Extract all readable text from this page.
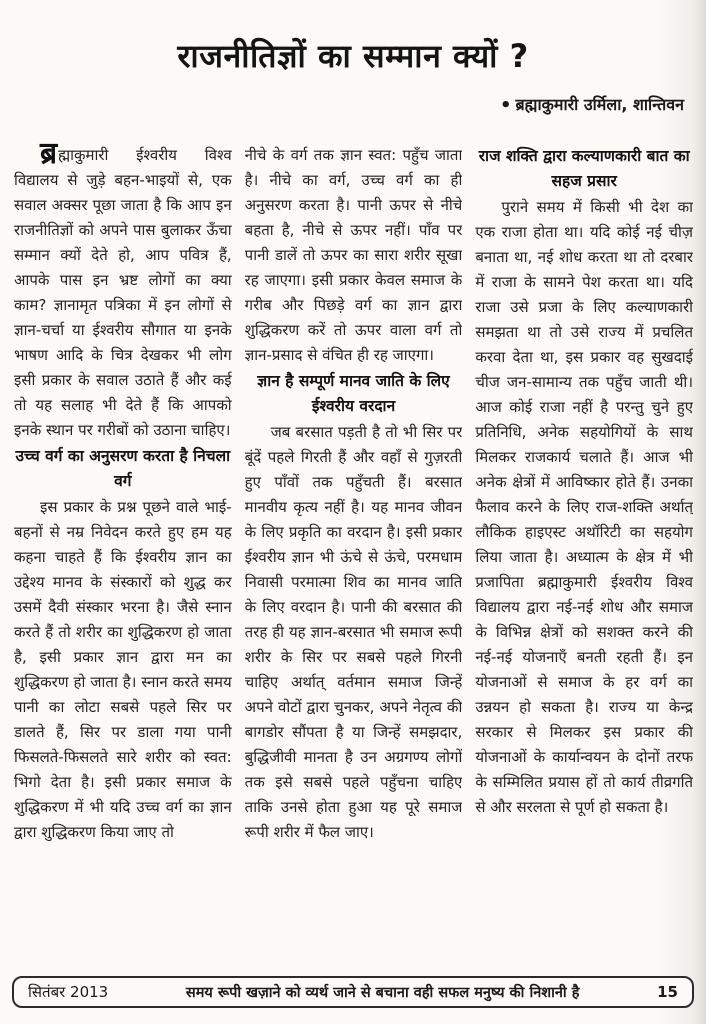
राजनीतिज्ञों का सम्मान क्यों ?
• ब्रह्माकुमारी उर्मिला, शान्तिवन

ब्रह्माकुमारी ईश्वरीय विश्व विद्यालय से जुड़े बहन-भाइयों से, एक सवाल अक्सर पूछा जाता है कि आप इन राजनीतिज्ञों को अपने पास बुलाकर ऊँचा सम्मान क्यों देते हो, आप पवित्र हैं, आपके पास इन भ्रष्ट लोगों का क्या काम? ज्ञानामृत पत्रिका में इन लोगों से ज्ञान-चर्चा या ईश्वरीय सौगात या इनके भाषण आदि के चित्र देखकर भी लोग इसी प्रकार के सवाल उठाते हैं और कई तो यह सलाह भी देते हैं कि आपको इनके स्थान पर गरीबों को उठाना चाहिए।

उच्च वर्ग का अनुसरण करता है निचला वर्ग

इस प्रकार के प्रश्न पूछने वाले भाई-बहनों से नम्र निवेदन करते हुए हम यह कहना चाहते हैं कि ईश्वरीय ज्ञान का उद्देश्य मानव के संस्कारों को शुद्ध कर उसमें दैवी संस्कार भरना है। जैसे स्नान करते हैं तो शरीर का शुद्धिकरण हो जाता है, इसी प्रकार ज्ञान द्वारा मन का शुद्धिकरण हो जाता है। स्नान करते समय पानी का लोटा सबसे पहले सिर पर डालते हैं, सिर पर डाला गया पानी फिसलते-फिसलते सारे शरीर को स्वत: भिगो देता है। इसी प्रकार समाज के शुद्धिकरण में भी यदि उच्च वर्ग का ज्ञान द्वारा शुद्धिकरण किया जाए तो

नीचे के वर्ग तक ज्ञान स्वत: पहुँच जाता है। नीचे का वर्ग, उच्च वर्ग का ही अनुसरण करता है। पानी ऊपर से नीचे बहता है, नीचे से ऊपर नहीं। पाँव पर पानी डालें तो ऊपर का सारा शरीर सूखा रह जाएगा। इसी प्रकार केवल समाज के गरीब और पिछड़े वर्ग का ज्ञान द्वारा शुद्धिकरण करें तो ऊपर वाला वर्ग तो ज्ञान-प्रसाद से वंचित ही रह जाएगा।

ज्ञान है सम्पूर्ण मानव जाति के लिए ईश्वरीय वरदान

जब बरसात पड़ती है तो भी सिर पर बूंदें पहले गिरती हैं और वहाँ से गुज़रती हुए पाँवों तक पहुँचती हैं। बरसात मानवीय कृत्य नहीं है। यह मानव जीवन के लिए प्रकृति का वरदान है। इसी प्रकार ईश्वरीय ज्ञान भी ऊंचे से ऊंचे, परमधाम निवासी परमात्मा शिव का मानव जाति के लिए वरदान है। पानी की बरसात की तरह ही यह ज्ञान-बरसात भी समाज रूपी शरीर के सिर पर सबसे पहले गिरनी चाहिए अर्थात् वर्तमान समाज जिन्हें अपने वोटों द्वारा चुनकर, अपने नेतृत्व की बागडोर सौंपता है या जिन्हें समझदार, बुद्धिजीवी मानता है उन अग्रगण्य लोगों तक इसे सबसे पहले पहुँचना चाहिए ताकि उनसे होता हुआ यह पूरे समाज रूपी शरीर में फैल जाए।

राज शक्ति द्वारा कल्याणकारी बात का सहज प्रसार

पुराने समय में किसी भी देश का एक राजा होता था। यदि कोई नई चीज़ बनाता था, नई शोध करता था तो दरबार में राजा के सामने पेश करता था। यदि राजा उसे प्रजा के लिए कल्याणकारी समझता था तो उसे राज्य में प्रचलित करवा देता था, इस प्रकार वह सुखदाई चीज जन-सामान्य तक पहुँच जाती थी। आज कोई राजा नहीं है परन्तु चुने हुए प्रतिनिधि, अनेक सहयोगियों के साथ मिलकर राजकार्य चलाते हैं। आज भी अनेक क्षेत्रों में आविष्कार होते हैं। उनका फैलाव करने के लिए राज-शक्ति अर्थात् लौकिक हाइएस्ट अथॉरिटी का सहयोग लिया जाता है। अध्यात्म के क्षेत्र में भी प्रजापिता ब्रह्माकुमारी ईश्वरीय विश्व विद्यालय द्वारा नई-नई शोध और समाज के विभिन्न क्षेत्रों को सशक्त करने की नई-नई योजनाएँ बनती रहती हैं। इन योजनाओं से समाज के हर वर्ग का उन्नयन हो सकता है। राज्य या केन्द्र सरकार से मिलकर इस प्रकार की योजनाओं के कार्यान्वयन के दोनों तरफ के सम्मिलित प्रयास हों तो कार्य तीव्रगति से और सरलता से पूर्ण हो सकता है।

सितंबर 2013	समय रूपी खज़ाने को व्यर्थ जाने से बचाना वही सफल मनुष्य की निशानी है	15
